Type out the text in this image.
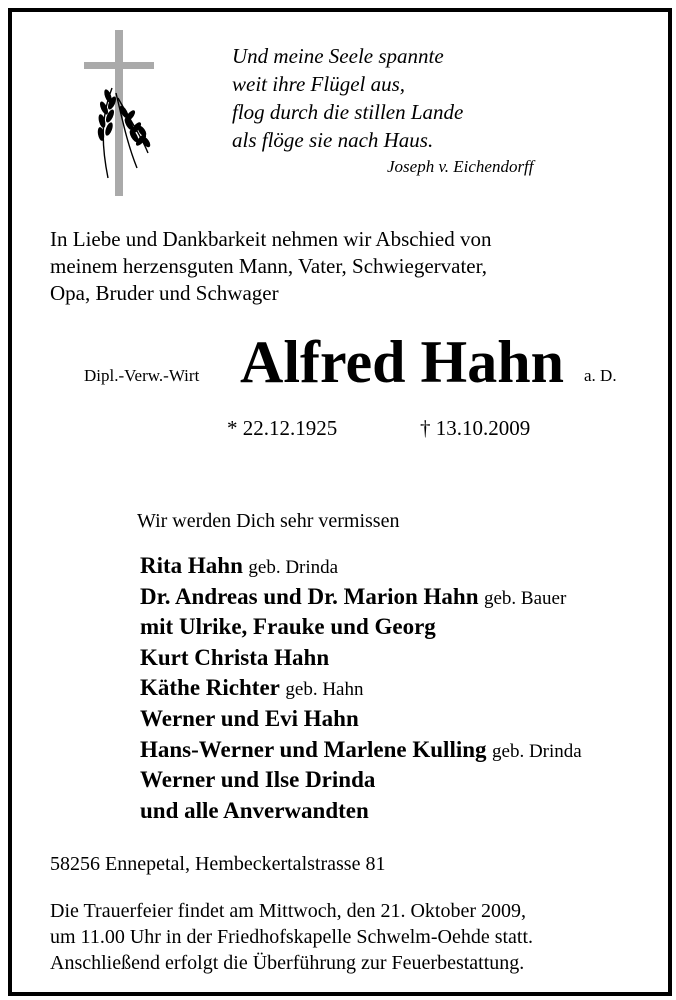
Und meine Seele spannte
weit ihre Flügel aus,
flog durch die stillen Lande
als flöge sie nach Haus.
Joseph v. Eichendorff
In Liebe und Dankbarkeit nehmen wir Abschied von
meinem herzensguten Mann, Vater, Schwiegervater,
Opa, Bruder und Schwager
Dipl.-Verw.-Wirt Alfred Hahn a. D.
* 22.12.1925	† 13.10.2009
Wir werden Dich sehr vermissen
Rita Hahn geb. Drinda
Dr. Andreas und Dr. Marion Hahn geb. Bauer
mit Ulrike, Frauke und Georg
Kurt Christa Hahn
Käthe Richter geb. Hahn
Werner und Evi Hahn
Hans-Werner und Marlene Kulling geb. Drinda
Werner und Ilse Drinda
und alle Anverwandten
58256 Ennepetal, Hembeckertalstrasse 81
Die Trauerfeier findet am Mittwoch, den 21. Oktober 2009,
um 11.00 Uhr in der Friedhofskapelle Schwelm-Oehde statt.
Anschließend erfolgt die Überführung zur Feuerbestattung.
